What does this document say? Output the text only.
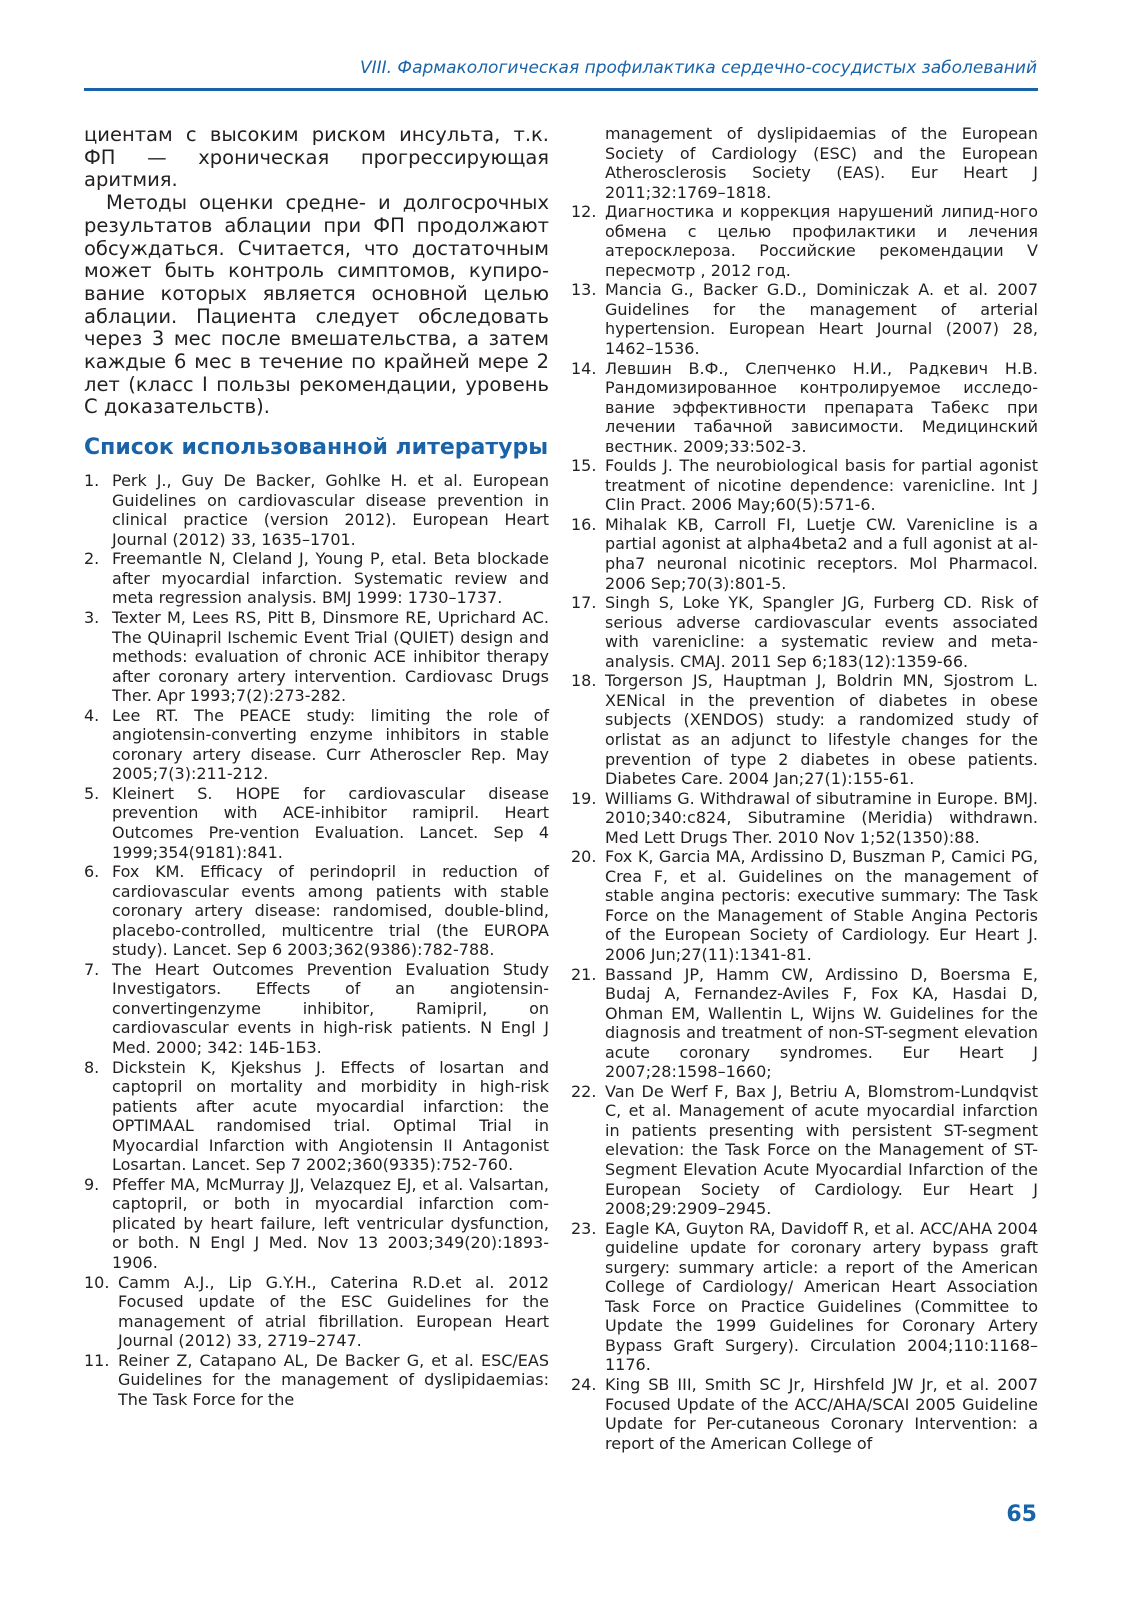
VIII. Фармакологическая профилактика сердечно-сосудистых заболеваний

циентам с высоким риском инсульта, т.к. ФП — хроническая прогрессирующая аритмия.

Методы оценки средне- и долгосрочных результатов аблации при ФП продолжают обсуждаться. Считается, что достаточным может быть контроль симптомов, купиро-вание которых является основной целью аблации. Пациента следует обследовать через 3 мес после вмешательства, а затем каждые 6 мес в течение по крайней мере 2 лет (класс I пользы рекомендации, уровень С доказательств).

Список использованной литературы
1. Perk J., Guy De Backer, Gohlke H. et al. European Guidelines on cardiovascular disease prevention in clinical practice (version 2012). European Heart Journal (2012) 33, 1635–1701.
2. Freemantle N, Cleland J, Young P, etal. Beta blockade after myocardial infarction. Systematic review and meta regression analysis. BMJ 1999: 1730–1737.
3. Texter M, Lees RS, Pitt B, Dinsmore RE, Uprichard AC. The QUinapril Ischemic Event Trial (QUIET) design and methods: evaluation of chronic ACE inhibitor therapy after coronary artery intervention. Cardiovasc Drugs Ther. Apr 1993;7(2):273-282.
4. Lee RT. The PEACE study: limiting the role of angiotensin-converting enzyme inhibitors in stable coronary artery disease. Curr Atheroscler Rep. May 2005;7(3):211-212.
5. Kleinert S. HOPE for cardiovascular disease prevention with ACE-inhibitor ramipril. Heart Outcomes Pre-vention Evaluation. Lancet. Sep 4 1999;354(9181):841.
6. Fox KM. Efficacy of perindopril in reduction of cardiovascular events among patients with stable coronary artery disease: randomised, double-blind, placebo-controlled, multicentre trial (the EUROPA study). Lancet. Sep 6 2003;362(9386):782-788.
7. The Heart Outcomes Prevention Evaluation Study Investigators. Effects of an angiotensin-convertingenzyme inhibitor, Ramipril, on cardiovascular events in high-risk patients. N Engl J Med. 2000; 342: 14Б-1Б3.
8. Dickstein K, Kjekshus J. Effects of losartan and captopril on mortality and morbidity in high-risk patients after acute myocardial infarction: the OPTIMAAL randomised trial. Optimal Trial in Myocardial Infarction with Angiotensin II Antagonist Losartan. Lancet. Sep 7 2002;360(9335):752-760.
9. Pfeffer MA, McMurray JJ, Velazquez EJ, et al. Valsartan, captopril, or both in myocardial infarction com-plicated by heart failure, left ventricular dysfunction, or both. N Engl J Med. Nov 13 2003;349(20):1893-1906.
10. Camm A.J., Lip G.Y.H., Caterina R.D.et al. 2012 Focused update of the ESC Guidelines for the management of atrial fibrillation. European Heart Journal (2012) 33, 2719–2747.
11. Reiner Z, Catapano AL, De Backer G, et al. ESC/EAS Guidelines for the management of dyslipidaemias: The Task Force for the
management of dyslipidaemias of the European Society of Cardiology (ESC) and the European Atherosclerosis Society (EAS). Eur Heart J 2011;32:1769–1818.
12. Диагностика и коррекция нарушений липид-ного обмена с целью профилактики и лечения атеросклероза. Российские рекомендации V пересмотр , 2012 год.
13. Mancia G., Backer G.D., Dominiczak A. et al. 2007 Guidelines for the management of arterial hypertension. European Heart Journal (2007) 28, 1462–1536.
14. Левшин В.Ф., Слепченко Н.И., Радкевич Н.В. Рандомизированное контролируемое исследо-вание эффективности препарата Табекс при лечении табачной зависимости. Медицинский вестник. 2009;33:502-3.
15. Foulds J. The neurobiological basis for partial agonist treatment of nicotine dependence: varenicline. Int J Clin Pract. 2006 May;60(5):571-6.
16. Mihalak KB, Carroll FI, Luetje CW. Varenicline is a partial agonist at alpha4beta2 and a full agonist at al-pha7 neuronal nicotinic receptors. Mol Pharmacol. 2006 Sep;70(3):801-5.
17. Singh S, Loke YK, Spangler JG, Furberg CD. Risk of serious adverse cardiovascular events associated with varenicline: a systematic review and meta-analysis. CMAJ. 2011 Sep 6;183(12):1359-66.
18. Torgerson JS, Hauptman J, Boldrin MN, Sjostrom L. XENical in the prevention of diabetes in obese subjects (XENDOS) study: a randomized study of orlistat as an adjunct to lifestyle changes for the prevention of type 2 diabetes in obese patients. Diabetes Care. 2004 Jan;27(1):155-61.
19. Williams G. Withdrawal of sibutramine in Europe. BMJ. 2010;340:c824, Sibutramine (Meridia) withdrawn. Med Lett Drugs Ther. 2010 Nov 1;52(1350):88.
20. Fox K, Garcia MA, Ardissino D, Buszman P, Camici PG, Crea F, et al. Guidelines on the management of stable angina pectoris: executive summary: The Task Force on the Management of Stable Angina Pectoris of the European Society of Cardiology. Eur Heart J. 2006 Jun;27(11):1341-81.
21. Bassand JP, Hamm CW, Ardissino D, Boersma E, Budaj A, Fernandez-Aviles F, Fox KA, Hasdai D, Ohman EM, Wallentin L, Wijns W. Guidelines for the diagnosis and treatment of non-ST-segment elevation acute coronary syndromes. Eur Heart J 2007;28:1598–1660;
22. Van De Werf F, Bax J, Betriu A, Blomstrom-Lundqvist C, et al. Management of acute myocardial infarction in patients presenting with persistent ST-segment elevation: the Task Force on the Management of ST-Segment Elevation Acute Myocardial Infarction of the European Society of Cardiology. Eur Heart J 2008;29:2909–2945.
23. Eagle KA, Guyton RA, Davidoff R, et al. ACC/AHA 2004 guideline update for coronary artery bypass graft surgery: summary article: a report of the American College of Cardiology/ American Heart Association Task Force on Practice Guidelines (Committee to Update the 1999 Guidelines for Coronary Artery Bypass Graft Surgery). Circulation 2004;110:1168–1176.
24. King SB III, Smith SC Jr, Hirshfeld JW Jr, et al. 2007 Focused Update of the ACC/AHA/SCAI 2005 Guideline Update for Per-cutaneous Coronary Intervention: a report of the American College of
65
